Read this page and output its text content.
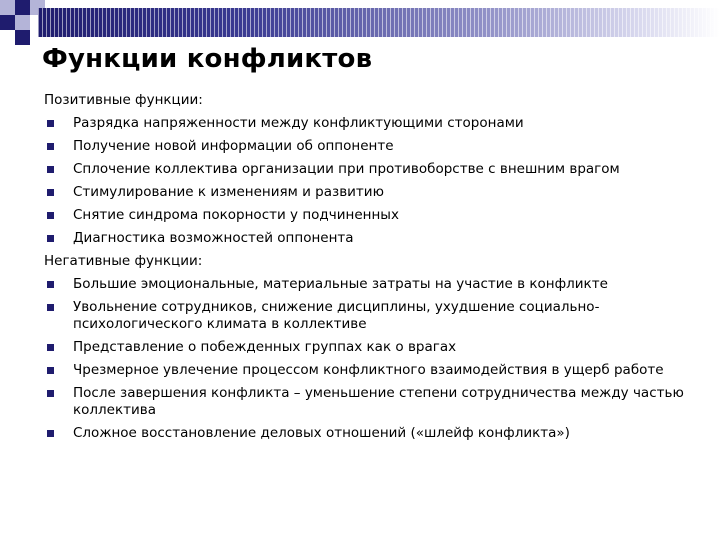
Функции конфликтов
Позитивные функции:
Разрядка напряженности между конфликтующими сторонами
Получение новой информации об оппоненте
Сплочение коллектива организации при противоборстве с внешним врагом
Стимулирование к изменениям и развитию
Снятие синдрома покорности у подчиненных
Диагностика возможностей оппонента
Негативные функции:
Большие эмоциональные, материальные затраты на участие в конфликте
Увольнение сотрудников, снижение дисциплины, ухудшение социально-психологического климата в коллективе
Представление о побежденных группах как о врагах
Чрезмерное увлечение процессом конфликтного взаимодействия в ущерб работе
После завершения конфликта – уменьшение степени сотрудничества между частью коллектива
Сложное восстановление деловых отношений («шлейф конфликта»)
